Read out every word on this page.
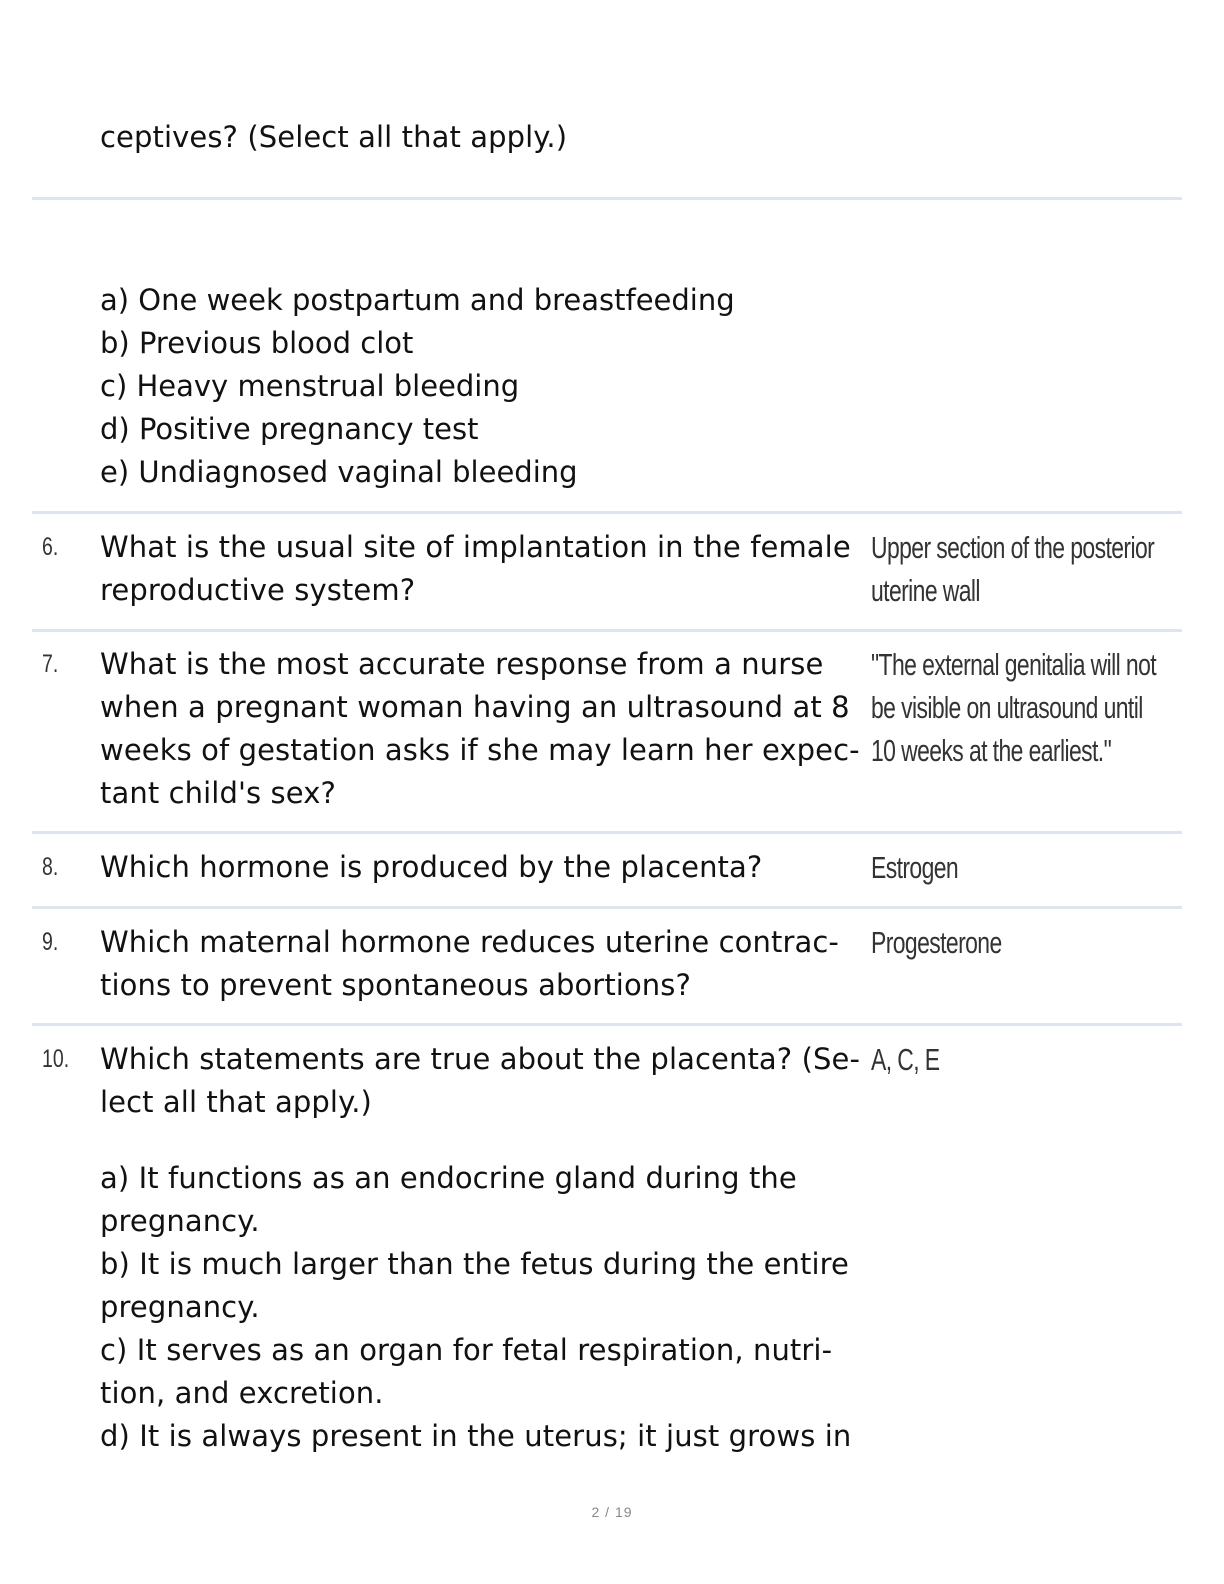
ceptives? (Select all that apply.)
a) One week postpartum and breastfeeding
b) Previous blood clot
c) Heavy menstrual bleeding
d) Positive pregnancy test
e) Undiagnosed vaginal bleeding
6. What is the usual site of implantation in the female
reproductive system?
Upper section of the posterior
uterine wall
7. What is the most accurate response from a nurse
when a pregnant woman having an ultrasound at 8
weeks of gestation asks if she may learn her expec-
tant child's sex?
"The external genitalia will not
be visible on ultrasound until
10 weeks at the earliest."
8. Which hormone is produced by the placenta?	Estrogen
9. Which maternal hormone reduces uterine contrac-
tions to prevent spontaneous abortions?
Progesterone
10. Which statements are true about the placenta? (Se-
lect all that apply.)
a) It functions as an endocrine gland during the
pregnancy.
b) It is much larger than the fetus during the entire
pregnancy.
c) It serves as an organ for fetal respiration, nutri-
tion, and excretion.
d) It is always present in the uterus; it just grows in
A, C, E
2 / 19
